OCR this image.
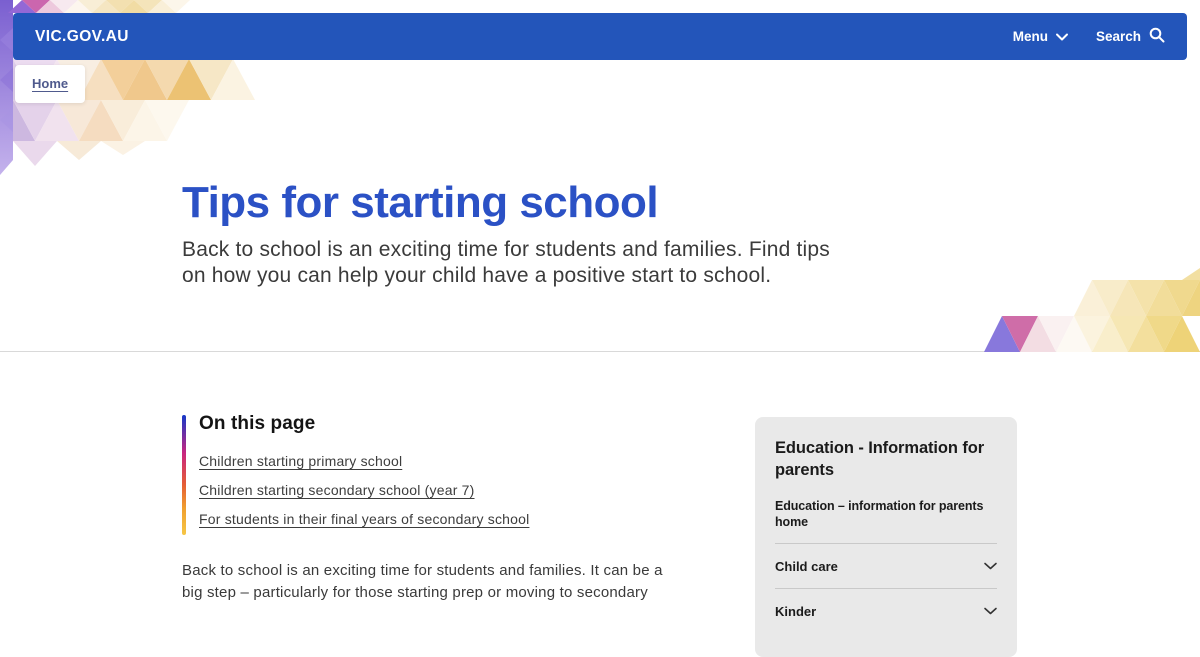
VIC.GOV.AU	Menu	Search
Home
Tips for starting school

Back to school is an exciting time for students and families. Find tips
on how you can help your child have a positive start to school.

On this page
Children starting primary school
Children starting secondary school (year 7)
For students in their final years of secondary school

Back to school is an exciting time for students and families. It can be a
big step – particularly for those starting prep or moving to secondary

Education - Information for parents
Education – information for parents home
Child care
Kinder
